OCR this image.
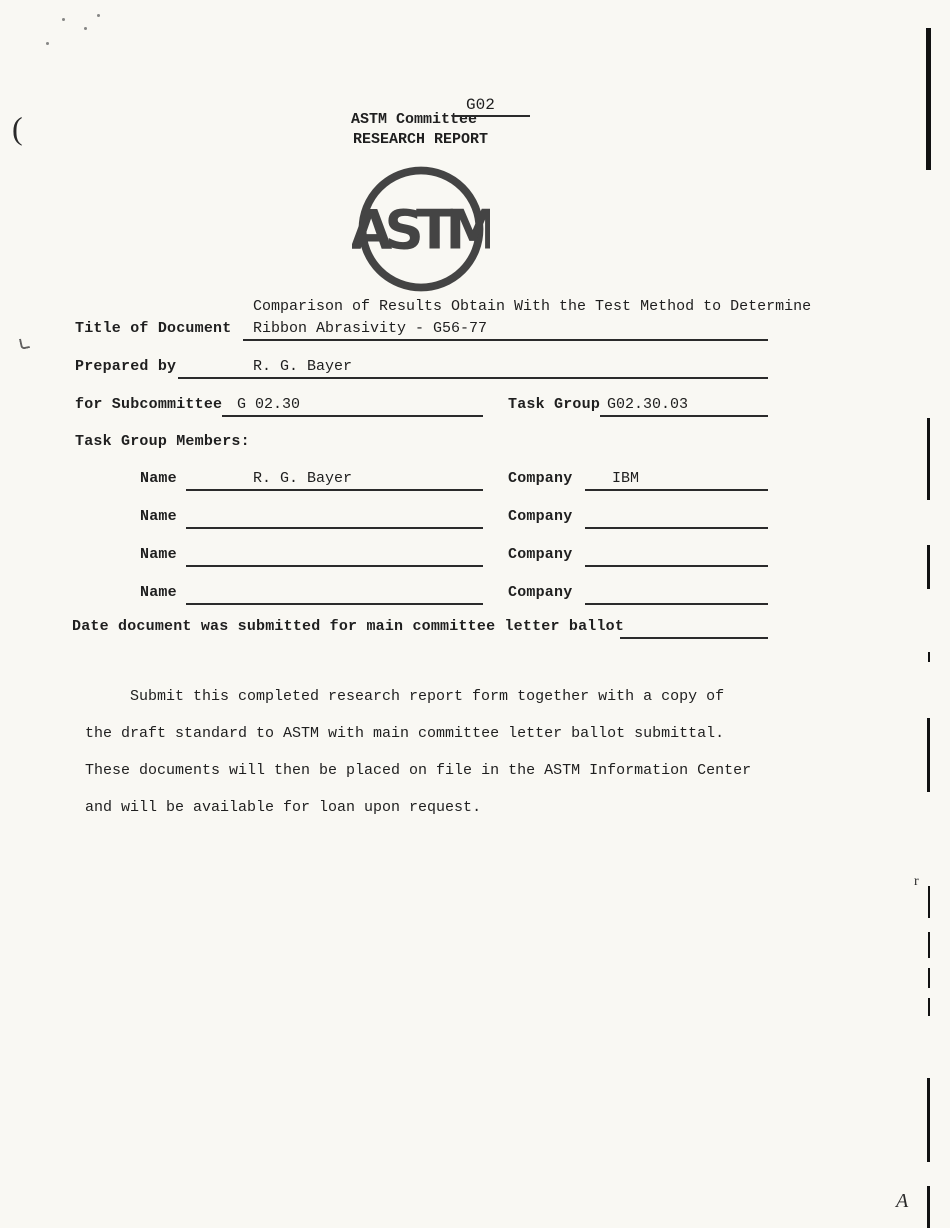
(
r
A

ASTM Committee

G02
RESEARCH REPORT
ASTM
Comparison of Results Obtain With the Test Method to Determine
Title of Document Ribbon Abrasivity - G56-77
Prepared by	R. G. Bayer
for Subcommittee G 02.30	Task Group G02.30.03
Task Group Members:
Name	R. G. Bayer	Company	IBM
Name	Company
Name	Company
Name	Company
Date document was submitted for main committee letter ballot
Submit this completed research report form together with a copy of
the draft standard to ASTM with main committee letter ballot submittal.
These documents will then be placed on file in the ASTM Information Center
and will be available for loan upon request.
